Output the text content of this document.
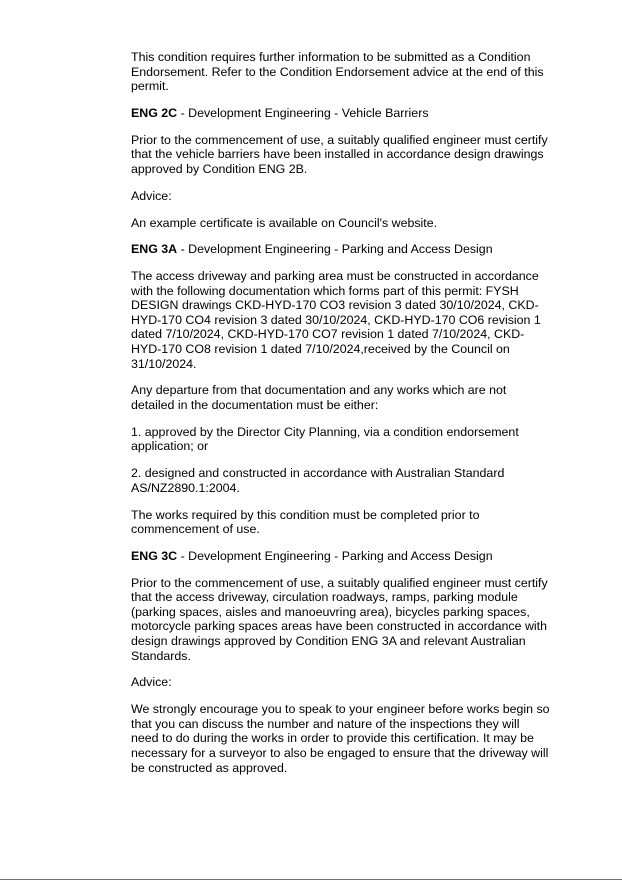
This condition requires further information to be submitted as a Condition
Endorsement. Refer to the Condition Endorsement advice at the end of this
permit.

ENG 2C - Development Engineering - Vehicle Barriers

Prior to the commencement of use, a suitably qualified engineer must certify
that the vehicle barriers have been installed in accordance design drawings
approved by Condition ENG 2B.

Advice:

An example certificate is available on Council's website.

ENG 3A - Development Engineering - Parking and Access Design

The access driveway and parking area must be constructed in accordance
with the following documentation which forms part of this permit: FYSH
DESIGN drawings CKD-HYD-170 CO3 revision 3 dated 30/10/2024, CKD-
HYD-170 CO4 revision 3 dated 30/10/2024, CKD-HYD-170 CO6 revision 1
dated 7/10/2024, CKD-HYD-170 CO7 revision 1 dated 7/10/2024, CKD-
HYD-170 CO8 revision 1 dated 7/10/2024,received by the Council on
31/10/2024.

Any departure from that documentation and any works which are not
detailed in the documentation must be either:

1. approved by the Director City Planning, via a condition endorsement
application; or

2. designed and constructed in accordance with Australian Standard
AS/NZ2890.1:2004.

The works required by this condition must be completed prior to
commencement of use.

ENG 3C - Development Engineering - Parking and Access Design

Prior to the commencement of use, a suitably qualified engineer must certify
that the access driveway, circulation roadways, ramps, parking module
(parking spaces, aisles and manoeuvring area), bicycles parking spaces,
motorcycle parking spaces areas have been constructed in accordance with
design drawings approved by Condition ENG 3A and relevant Australian
Standards.

Advice:

We strongly encourage you to speak to your engineer before works begin so
that you can discuss the number and nature of the inspections they will
need to do during the works in order to provide this certification. It may be
necessary for a surveyor to also be engaged to ensure that the driveway will
be constructed as approved.
